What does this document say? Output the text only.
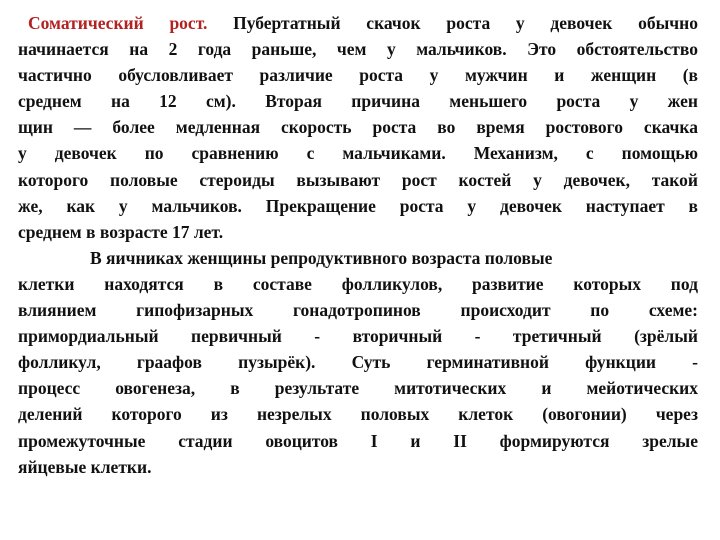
Соматический рост. Пубертатный скачок роста у девочек обычно
начинается на 2 года раньше, чем у мальчиков. Это обстоятельство
частично обусловливает различие роста у мужчин и женщин (в
среднем на 12 см). Вторая причина меньшего роста у жен
щин — более медленная скорость роста во время ростового скачка
у девочек по сравнению с мальчиками. Механизм, с помощью
которого половые стероиды вызывают рост костей у девочек, такой
же, как у мальчиков. Прекращение роста у девочек наступает в
среднем в возрасте 17 лет.
В яичниках женщины репродуктивного возраста половые
клетки находятся в составе фолликулов, развитие которых под
влиянием гипофизарных гонадотропинов происходит по схеме:
примордиальный первичный - вторичный - третичный (зрёлый
фолликул, граафов пузырёк). Суть герминативной функции -
процесс овогенеза, в результате митотических и мейотических
делений которого из незрелых половых клеток (овогонии) через
промежуточные стадии овоцитов I и II формируются зрелые
яйцевые клетки.
